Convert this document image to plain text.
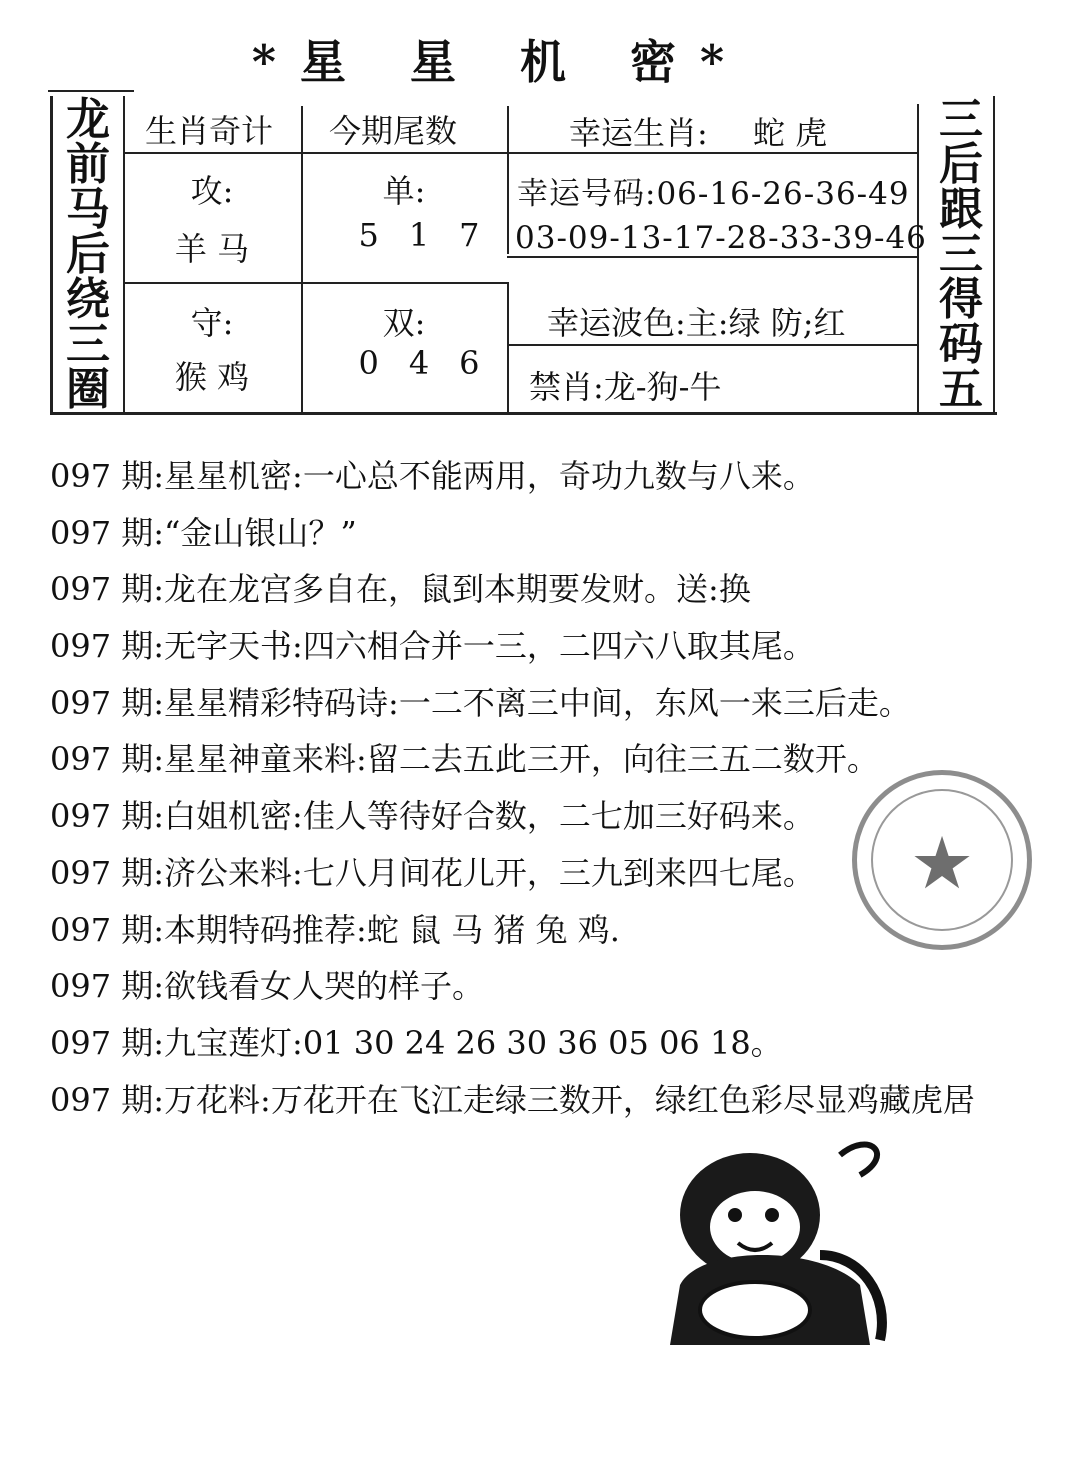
*星 星 机 密*
龙
前
马
后
绕
三
圈
生肖奇计 今期尾数	幸运生肖: 蛇 虎
攻:
羊 马
单:
517
幸运号码:06-16-26-36-49
03-09-13-17-28-33-39-46
守:
猴 鸡
双:
046
幸运波色:主:绿 防;红
禁肖:龙-狗-牛
三
后
跟
三
得
码
五
097 期:星星机密:一心总不能两用，奇功九数与八来。
097 期:“金山银山？”
097 期:龙在龙宫多自在，鼠到本期要发财。送:换
097 期:无字天书:四六相合并一三，二四六八取其尾。
097 期:星星精彩特码诗:一二不离三中间，东风一来三后走。
097 期:星星神童来料:留二去五此三开，向往三五二数开。
097 期:白姐机密:佳人等待好合数，二七加三好码来。
097 期:济公来料:七八月间花儿开，三九到来四七尾。
097 期:本期特码推荐:蛇 鼠 马 猪 兔 鸡.
097 期:欲钱看女人哭的样子。
097 期:九宝莲灯:01 30 24 26 30 36 05 06 18。
097 期:万花料:万花开在飞江走绿三数开，绿红色彩尽显鸡藏虎居
★
